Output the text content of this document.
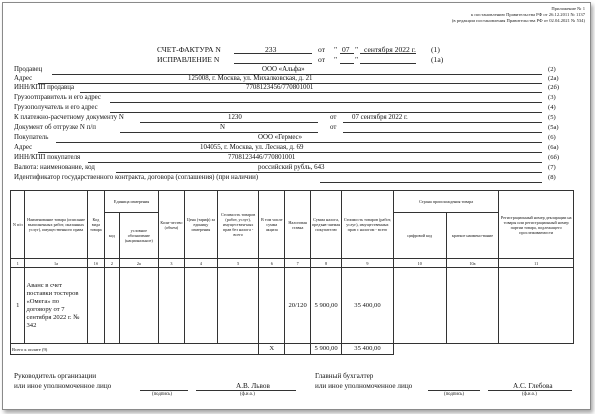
Приложение № 1
к постановлению Правительства РФ от 26.12.2011 № 1137
(в редакции постановления Правительства РФ от 02.04.2021 № 534)
СЧЕТ-ФАКТУРА N	233	от " 07 " сентября 2022 г. (1)
ИСПРАВЛЕНИЕ N	от " "	(1а)
Продавец	ООО «Альфа»	(2)
Адрес	125008, г. Москва, ул. Михалковская, д. 21	(2а)
ИНН/КПП продавца	7708123456/770801001	(2б)
Грузоотправитель и его адрес	(3)
Грузополучатель и его адрес	(4)
К платежно-расчетному документу N	1230	от 07 сентября 2022 г.	(5)
Документ об отгрузке N п/п	N	от	(5а)
Покупатель	ООО «Гермес»	(6)
Адрес	104055, г. Москва, ул. Лесная, д. 69	(6а)
ИНН/КПП покупателя	7708123446/770801001	(6б)
Валюта: наименование, код	российский рубль, 643	(7)
Идентификатор государственного контракта, договора (соглашения) (при наличии)	(8)
N п/п	Наименование товара (описание выполненных работ, оказанных услуг), имущественного права	Код вида товара	Единица измерения		Коли-чество (объем)	Цена (тариф) за единицу измерения	Стоимость товаров (работ, услуг), имуществен-ных прав без налога - всего	В том числе сумма акциза	Налоговая ставка	Сумма налога, предъяв-ляемая покупателю	Стоимость товаров (работ, услуг), имущественных прав с налогом - всего	Страна происхождения товара		Регистрационный номер декларации на товары или регистрационный номер партии товара, подлежащего прослеживаемости
			код	условное обозначение (национальное)								цифровой код	краткое наимено-вание	
1	1а	1б	2	2а	3	4	5	6	7	8	9	10	10а	11
1	Аванс в счет поставки тостеров «Омега» по договору от 7 сентября 2022 г. № 342								20/120	5 900,00	35 400,00			
Всего к оплате (9)								X		5 900,00	35 400,00			
Руководитель организации
или иное уполномоченное лицо
(подпись)
А.В. Львов
(ф.и.о.)
Главный бухгалтер
или иное уполномоченное лицо
(подпись)
А.С. Глебова
(ф.и.о.)
